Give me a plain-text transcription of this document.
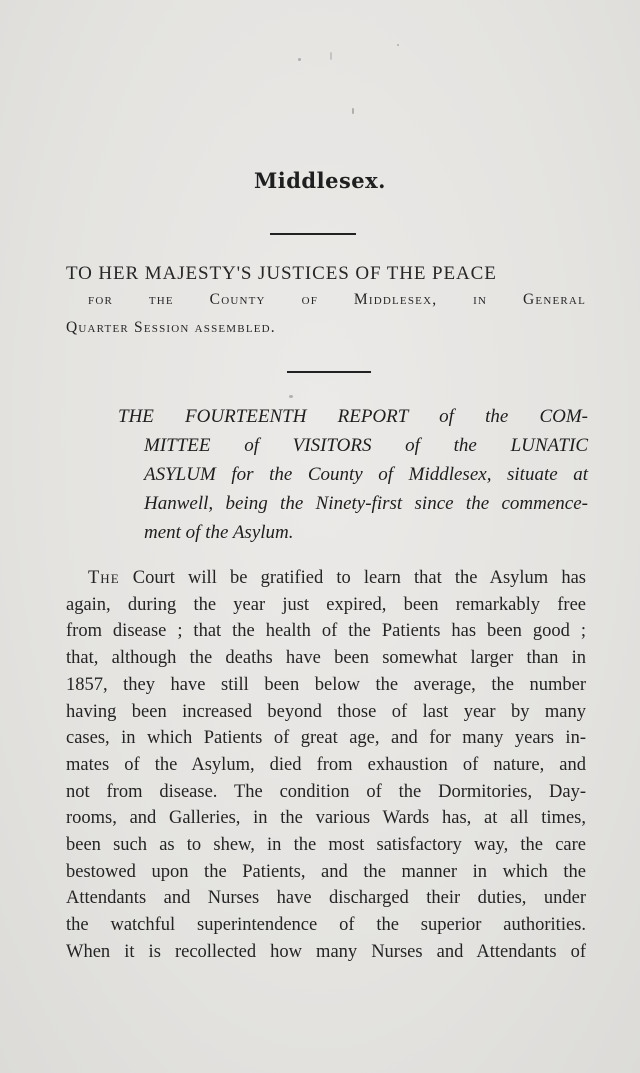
Middlesex.
TO HER MAJESTY'S JUSTICES OF THE PEACE
for the County of Middlesex, in General
Quarter Session assembled.
THE FOURTEENTH REPORT of the COM-
MITTEE of VISITORS of the LUNATIC
ASYLUM for the County of Middlesex, situate at
Hanwell, being the Ninety-first since the commence-
ment of the Asylum.
The Court will be gratified to learn that the Asylum has
again, during the year just expired, been remarkably free
from disease ; that the health of the Patients has been good ;
that, although the deaths have been somewhat larger than in
1857, they have still been below the average, the number
having been increased beyond those of last year by many
cases, in which Patients of great age, and for many years in-
mates of the Asylum, died from exhaustion of nature, and
not from disease. The condition of the Dormitories, Day-
rooms, and Galleries, in the various Wards has, at all times,
been such as to shew, in the most satisfactory way, the care
bestowed upon the Patients, and the manner in which the
Attendants and Nurses have discharged their duties, under
the watchful superintendence of the superior authorities.
When it is recollected how many Nurses and Attendants of
